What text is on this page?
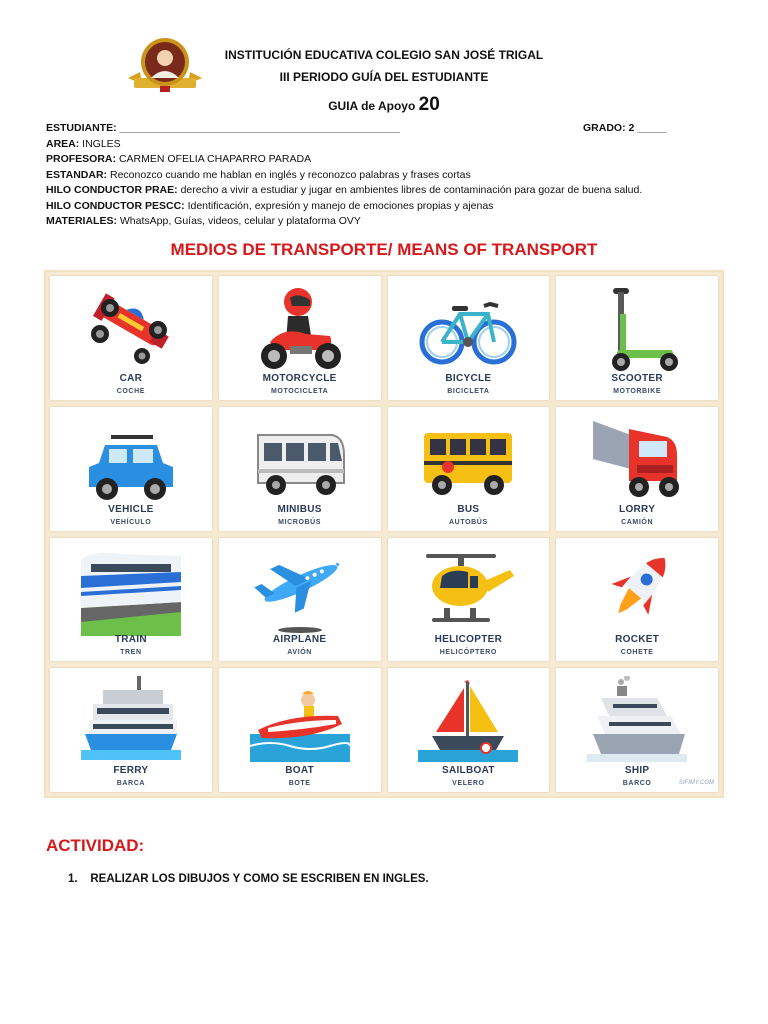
INSTITUCIÓN EDUCATIVA COLEGIO SAN JOSÉ TRIGAL
III PERIODO GUÍA DEL ESTUDIANTE
GUIA de Apoyo 20
ESTUDIANTE: ________________________________________________	GRADO: 2 _____
AREA: INGLES
PROFESORA: CARMEN OFELIA CHAPARRO PARADA
ESTANDAR: Reconozco cuando me hablan en inglés y reconozco palabras y frases cortas
HILO CONDUCTOR PRAE: derecho a vivir a estudiar y jugar en ambientes libres de contaminación para gozar de buena salud.
HILO CONDUCTOR PESCC: Identificación, expresión y manejo de emociones propias y ajenas
MATERIALES: WhatsApp, Guías, videos, celular y plataforma OVY
MEDIOS DE TRANSPORTE/ MEANS OF TRANSPORT
CAR
COCHE
MOTORCYCLE
MOTOCICLETA
BICYCLE
BICICLETA
SCOOTER
MOTORBIKE
VEHICLE
VEHÍCULO
MINIBUS
MICROBÚS
BUS
AUTOBÚS
LORRY
CAMIÓN
TRAIN
TREN
AIRPLANE
AVIÓN
HELICOPTER
HELICÓPTERO
ROCKET
COHETE
FERRY
BARCA
BOAT
BOTE
SAILBOAT
VELERO
SHIP
BARCO	SIFIMY.COM
ACTIVIDAD:
1. REALIZAR LOS DIBUJOS Y COMO SE ESCRIBEN EN INGLES.
